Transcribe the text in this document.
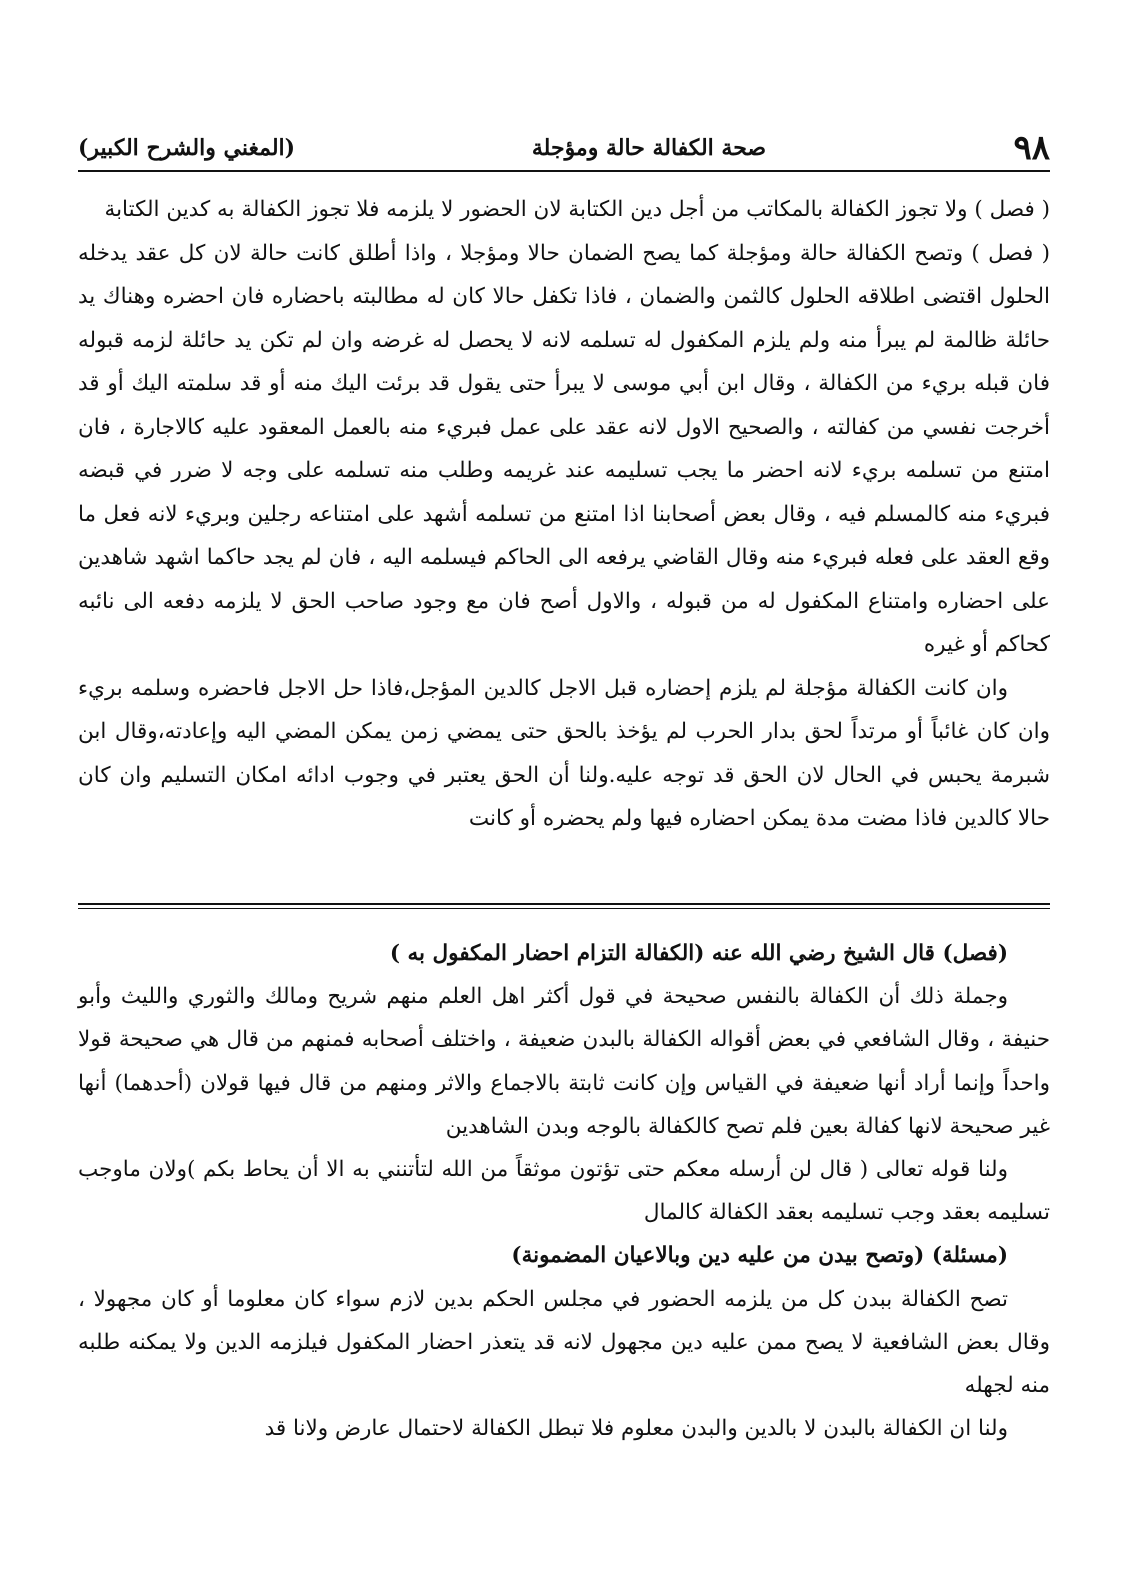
٩٨
صحة الكفالة حالة ومؤجلة
(المغني والشرح الكبير)

( فصل ) ولا تجوز الكفالة بالمكاتب من أجل دين الكتابة لان الحضور لا يلزمه فلا تجوز الكفالة به كدين الكتابة

( فصل ) وتصح الكفالة حالة ومؤجلة كما يصح الضمان حالا ومؤجلا ، واذا أطلق كانت حالة لان كل عقد يدخله الحلول اقتضى اطلاقه الحلول كالثمن والضمان ، فاذا تكفل حالا كان له مطالبته باحضاره فان احضره وهناك يد حائلة ظالمة لم يبرأ منه ولم يلزم المكفول له تسلمه لانه لا يحصل له غرضه وان لم تكن يد حائلة لزمه قبوله فان قبله بريء من الكفالة ، وقال ابن أبي موسى لا يبرأ حتى يقول قد برئت اليك منه أو قد سلمته اليك أو قد أخرجت نفسي من كفالته ، والصحيح الاول لانه عقد على عمل فبريء منه بالعمل المعقود عليه كالاجارة ، فان امتنع من تسلمه بريء لانه احضر ما يجب تسليمه عند غريمه وطلب منه تسلمه على وجه لا ضرر في قبضه فبريء منه كالمسلم فيه ، وقال بعض أصحابنا اذا امتنع من تسلمه أشهد على امتناعه رجلين وبريء لانه فعل ما وقع العقد على فعله فبريء منه وقال القاضي يرفعه الى الحاكم فيسلمه اليه ، فان لم يجد حاكما اشهد شاهدين على احضاره وامتناع المكفول له من قبوله ، والاول أصح فان مع وجود صاحب الحق لا يلزمه دفعه الى نائبه كحاكم أو غيره

وان كانت الكفالة مؤجلة لم يلزم إحضاره قبل الاجل كالدين المؤجل،فاذا حل الاجل فاحضره وسلمه بريء وان كان غائباً أو مرتداً لحق بدار الحرب لم يؤخذ بالحق حتى يمضي زمن يمكن المضي اليه وإعادته،وقال ابن شبرمة يحبس في الحال لان الحق قد توجه عليه.ولنا أن الحق يعتبر في وجوب ادائه امكان التسليم وان كان حالا كالدين فاذا مضت مدة يمكن احضاره فيها ولم يحضره أو كانت

(فصل) قال الشيخ رضي الله عنه (الكفالة التزام احضار المكفول به )

وجملة ذلك أن الكفالة بالنفس صحيحة في قول أكثر اهل العلم منهم شريح ومالك والثوري والليث وأبو حنيفة ، وقال الشافعي في بعض أقواله الكفالة بالبدن ضعيفة ، واختلف أصحابه فمنهم من قال هي صحيحة قولا واحداً وإنما أراد أنها ضعيفة في القياس وإن كانت ثابتة بالاجماع والاثر ومنهم من قال فيها قولان (أحدهما) أنها غير صحيحة لانها كفالة بعين فلم تصح كالكفالة بالوجه وبدن الشاهدين

ولنا قوله تعالى ( قال لن أرسله معكم حتى تؤتون موثقاً من الله لتأتنني به الا أن يحاط بكم )ولان ماوجب تسليمه بعقد وجب تسليمه بعقد الكفالة كالمال

(مسئلة) (وتصح بيدن من عليه دين وبالاعيان المضمونة)

تصح الكفالة ببدن كل من يلزمه الحضور في مجلس الحكم بدين لازم سواء كان معلوما أو كان مجهولا ، وقال بعض الشافعية لا يصح ممن عليه دين مجهول لانه قد يتعذر احضار المكفول فيلزمه الدين ولا يمكنه طلبه منه لجهله

ولنا ان الكفالة بالبدن لا بالدين والبدن معلوم فلا تبطل الكفالة لاحتمال عارض ولانا قد
